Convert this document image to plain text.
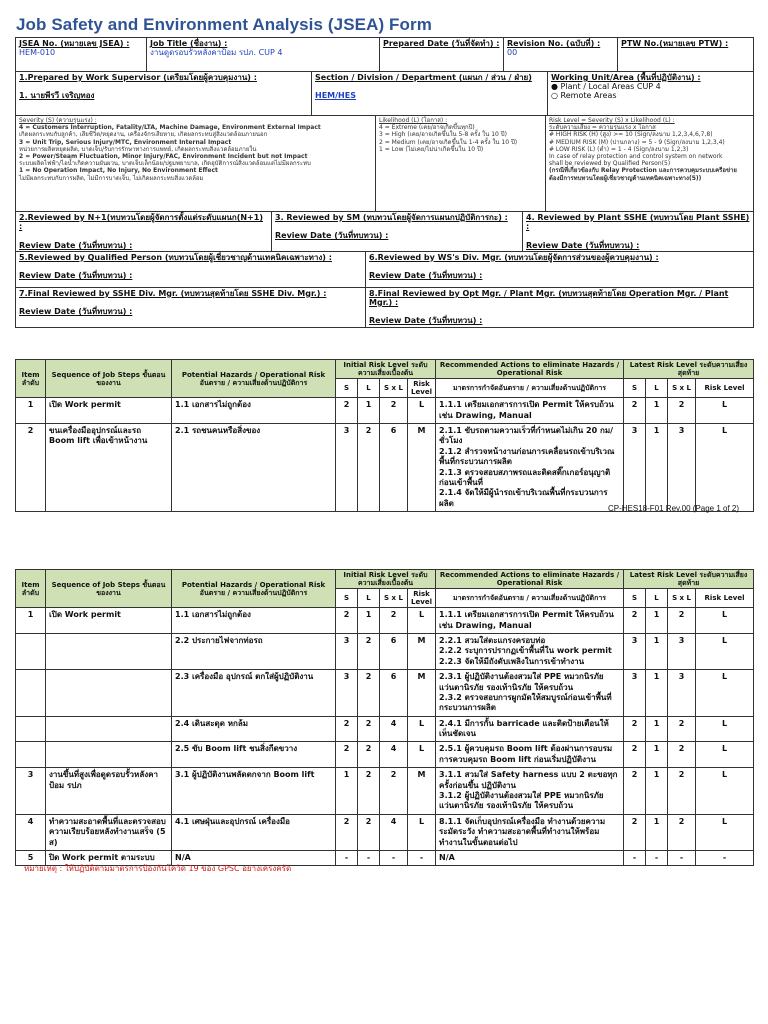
Job Safety and Environment Analysis (JSEA) Form
JSEA No. (หมายเลข JSEA) :
HEM-010	Job Title (ชื่องาน) :
งานดูดรอบรั้วหลังคาป้อม รปภ. CUP 4	Prepared Date (วันที่จัดทำ) :	Revision No. (ฉบับที่) :
00	PTW No.(หมายเลข PTW) :
1.Prepared by Work Supervisor (เตรียมโดยผู้ควบคุมงาน) :

1. นายพีรวี เจริญทอง	Section / Division / Department (แผนก / ส่วน / ฝ่าย)

HEM/HES	Working Unit/Area (พื้นที่ปฏิบัติงาน) :
● Plant / Local Areas CUP 4
○ Remote Areas
Severity (S) (ความรุนแรง) :
4 = Customers Interruption, Fatality/LTA, Machine Damage, Environment External Impact
เกิดผลกระทบกับลูกค้า, เสียชีวิต/หยุดงาน, เครื่องจักรเสียหาย, เกิดผลกระทบสู่สิ่งแวดล้อมภายนอก
3 = Unit Trip, Serious Injury/MTC, Environment Internal Impact
หน่วยการผลิตหยุดผลิต, บาดเจ็บ/รับการรักษาทางการแพทย์, เกิดผลกระทบสิ่งแวดล้อมภายใน
2 = Power/Steam Fluctuation, Minor Injury/FAC, Environment Incident but not Impact
ระบบผลิตไฟฟ้า/ไอน้ำเกิดความผันผวน, บาดเจ็บเล็กน้อย/ปฐมพยาบาล, เกิดอุบัติการณ์สิ่งแวดล้อมแต่ไม่มีผลกระทบ
1 = No Operation Impact, No Injury, No Environment Effect
ไม่มีผลกระทบกับการผลิต, ไม่มีการบาดเจ็บ, ไม่เกิดผลกระทบสิ่งแวดล้อม

Likelihood (L) (โอกาส) :
4 = Extreme (เคย/อาจเกิดขึ้นทุกปี)
3 = High (เคย/อาจเกิดขึ้นใน 5-8 ครั้ง ใน 10 ปี)
2 = Medium (เคย/อาจเกิดขึ้นใน 1-4 ครั้ง ใน 10 ปี)
1 = Low (ไม่เคย/ไม่น่าเกิดขึ้นใน 10 ปี)

Risk Level = Severity (S) x Likelihood (L) :
ระดับความเสี่ยง = ความรุนแรง x โอกาส
# HIGH RISK (H) (สูง) >= 10 (Sign/ลงนาม 1,2,3,4,6,7,8)
# MEDIUM RISK (M) (ปานกลาง) = 5 - 9 (Sign/ลงนาม 1,2,3,4)
# LOW RISK (L) (ต่ำ) = 1 - 4 (Sign/ลงนาม 1,2,3)
In case of relay protection and control system on network
shall be reviewed by Qualified Person(5)
(กรณีที่เกี่ยวข้องกับ Relay Protection และการควบคุมระบบเครือข่าย
ต้องมีการทบทวนโดยผู้เชี่ยวชาญด้านเทคนิคเฉพาะทาง(5))
2.Reviewed by N+1(ทบทวนโดยผู้จัดการตั้งแต่ระดับแผนก(N+1) :

Review Date (วันที่ทบทวน) :	3. Reviewed by SM (ทบทวนโดยผู้จัดการแผนกปฏิบัติการกะ) :

Review Date (วันที่ทบทวน) :	4. Reviewed by Plant SSHE (ทบทวนโดย Plant SSHE) :

Review Date (วันที่ทบทวน) :
5.Reviewed by Qualified Person (ทบทวนโดยผู้เชี่ยวชาญด้านเทคนิคเฉพาะทาง) :

Review Date (วันที่ทบทวน) :	6.Reviewed by WS's Div. Mgr. (ทบทวนโดยผู้จัดการส่วนของผู้ควบคุมงาน) :

Review Date (วันที่ทบทวน) :
7.Final Reviewed by SSHE Div. Mgr. (ทบทวนสุดท้ายโดย SSHE Div. Mgr.) :

Review Date (วันที่ทบทวน) :	8.Final Reviewed by Opt Mgr. / Plant Mgr. (ทบทวนสุดท้ายโดย Operation Mgr. / Plant Mgr.) :

Review Date (วันที่ทบทวน) :
Item ลำดับ	Sequence of Job Steps ขั้นตอนของงาน	Potential Hazards / Operational Risk อันตราย / ความเสี่ยงด้านปฏิบัติการ	Initial Risk Level ระดับความเสี่ยงเบื้องต้น				Recommended Actions to eliminate Hazards / Operational Risk	Latest Risk Level ระดับความเสี่ยงสุดท้าย			
			S	L	S x L	Risk Level	มาตรการกำจัดอันตราย / ความเสี่ยงด้านปฏิบัติการ	S	L	S x L	Risk Level
1	เปิด Work permit	1.1 เอกสารไม่ถูกต้อง	2	1	2	L	1.1.1 เตรียมเอกสารการเปิด Permit ให้ครบถ้วนเช่น Drawing, Manual	2	1	2	L
2	ขนเครื่องมืออุปกรณ์และรถ Boom lift เพื่อเข้าหน้างาน	2.1 รถชนคนหรือสิ่งของ	3	2	6	M	2.1.1 ขับรถตามความเร็วที่กำหนดไม่เกิน 20 กม/ชั่วโมง
2.1.2 สำรวจหน้างานก่อนการเคลื่อนรถเข้าบริเวณพื้นที่กระบวนการผลิต
2.1.3 ตรวจสอบสภาพรถและติดสติ๊กเกอร์อนุญาติก่อนเข้าพื้นที่
2.1.4 จัดให้มีผู้นำรถเข้าบริเวณพื้นที่กระบวนการผลิต	3	1	3	L
CP-HES18-F01 Rev.00 (Page 1 of 2)
Item ลำดับ	Sequence of Job Steps ขั้นตอนของงาน	Potential Hazards / Operational Risk อันตราย / ความเสี่ยงด้านปฏิบัติการ	Initial Risk Level ระดับความเสี่ยงเบื้องต้น				Recommended Actions to eliminate Hazards / Operational Risk	Latest Risk Level ระดับความเสี่ยงสุดท้าย			
			S	L	S x L	Risk Level	มาตรการกำจัดอันตราย / ความเสี่ยงด้านปฏิบัติการ	S	L	S x L	Risk Level
1	เปิด Work permit	1.1 เอกสารไม่ถูกต้อง	2	1	2	L	1.1.1 เตรียมเอกสารการเปิด Permit ให้ครบถ้วนเช่น Drawing, Manual	2	1	2	L
		2.2 ประกายไฟจากท่อรถ	3	2	6	M	2.2.1 สวมใส่ตะแกรงครอบท่อ
2.2.2 ระบุการปรากฏเข้าพื้นที่ใน work permit
2.2.3 จัดให้มีถังดับเพลิงในการเข้าทำงาน	3	1	3	L
		2.3 เครื่องมือ อุปกรณ์ ตกใส่ผู้ปฏิบัติงาน	3	2	6	M	2.3.1 ผู้ปฏิบัติงานต้องสวมใส่ PPE หมวกนิรภัย แว่นตานิรภัย รองเท้านิรภัย ให้ครบถ้วน
2.3.2 ตรวจสอบการผูกมัดให้สมบูรณ์ก่อนเข้าพื้นที่กระบวนการผลิต	3	1	3	L
		2.4 เดินสะดุด หกล้ม	2	2	4	L	2.4.1 มีการกั้น barricade และติดป้ายเตือนให้เห็นชัดเจน	2	1	2	L
		2.5 ขับ Boom lift ชนสิ่งกีดขวาง	2	2	4	L	2.5.1 ผู้ควบคุมรถ Boom lift ต้องผ่านการอบรมการควบคุมรถ Boom lift ก่อนเริ่มปฏิบัติงาน	2	1	2	L
3	งานขึ้นที่สูงเพื่อดูดรอบรั้วหลังคาป้อม รปภ	3.1 ผู้ปฏิบัติงานพลัดตกจาก Boom lift	1	2	2	M	3.1.1 สวมใส่ Safety harness แบบ 2 ตะขอทุกครั้งก่อนขึ้น ปฏิบัติงาน
3.1.2 ผู้ปฏิบัติงานต้องสวมใส่ PPE หมวกนิรภัย แว่นตานิรภัย รองเท้านิรภัย ให้ครบถ้วน	2	1	2	L
4	ทำความสะอาดพื้นที่และตรวจสอบความเรียบร้อยหลังทำงานเสร็จ (5 ส)	4.1 เศษฝุ่นและอุปกรณ์ เครื่องมือ	2	2	4	L	8.1.1 จัดเก็บอุปกรณ์เครื่องมือ ทำงานด้วยความระมัดระวัง ทำความสะอาดพื้นที่ทำงานให้พร้อมทำงานในขั้นตอนต่อไป	2	1	2	L
5	ปิด Work permit ตามระบบ	N/A	-	-	-	-	N/A	-	-	-	-
หมายเหตุ : ให้ปฏิบัติตามมาตรการป้องกันโควิด 19 ของ GPSC อย่างเคร่งครัด
